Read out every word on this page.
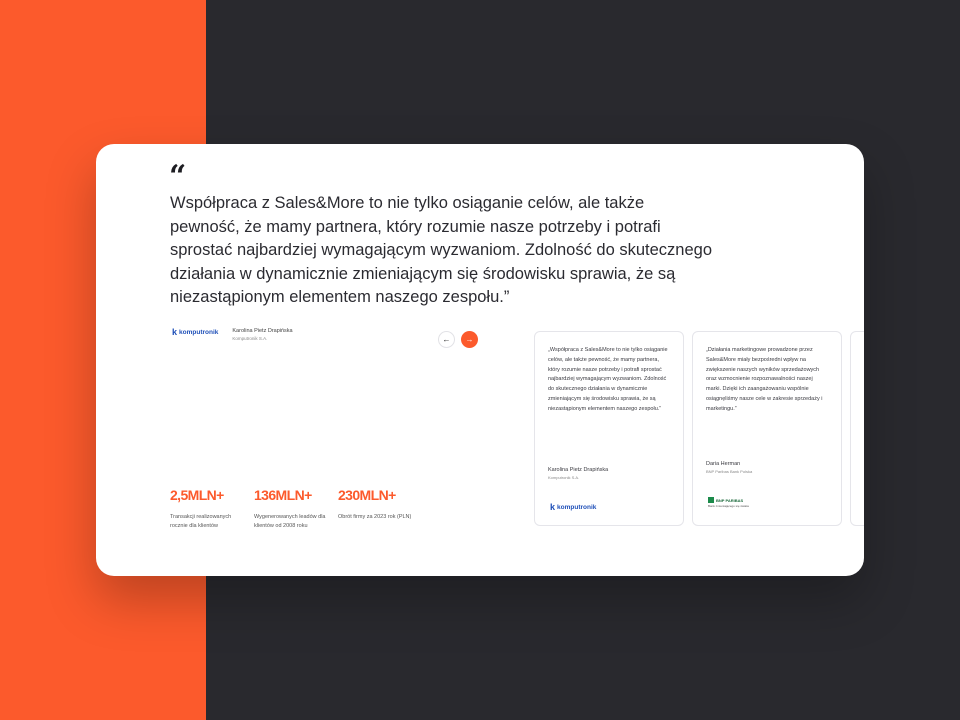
“

Współpraca z Sales&More to nie tylko osiąganie celów, ale także pewność, że mamy partnera, który rozumie nasze potrzeby i potrafi sprostać najbardziej wymagającym wyzwaniom. Zdolność do skutecznego działania w dynamicznie zmieniającym się środowisku sprawia, że są niezastąpionym elementem naszego zespołu.”

k komputronik	Karolina Pietz Drapińska
Komputronik S.A.	← →
2,5MLN+
Transakcji realizowanych rocznie dla klientów
136MLN+
Wygenerowanych leadów dla klientów od 2008 roku
230MLN+
Obrót firmy za 2023 rok (PLN)

„Współpraca z Sales&More to nie tylko osiąganie celów, ale także pewność, że mamy partnera, który rozumie nasze potrzeby i potrafi sprostać najbardziej wymagającym wyzwaniom. Zdolność do skutecznego działania w dynamicznie zmieniającym się środowisku sprawia, że są niezastąpionym elementem naszego zespołu.”

Karolina Pietz Drapińska
Komputronik S.A.
k komputronik

„Działania marketingowe prowadzone przez Sales&More miały bezpośredni wpływ na zwiększenie naszych wyników sprzedażowych oraz wzmocnienie rozpoznawalności naszej marki. Dzięki ich zaangażowaniu wspólnie osiągnęliśmy nasze cele w zakresie sprzedaży i marketingu.”

Daria Herman
BNP Paribas Bank Polska
BNP PARIBAS
Bank zmieniającego się świata
